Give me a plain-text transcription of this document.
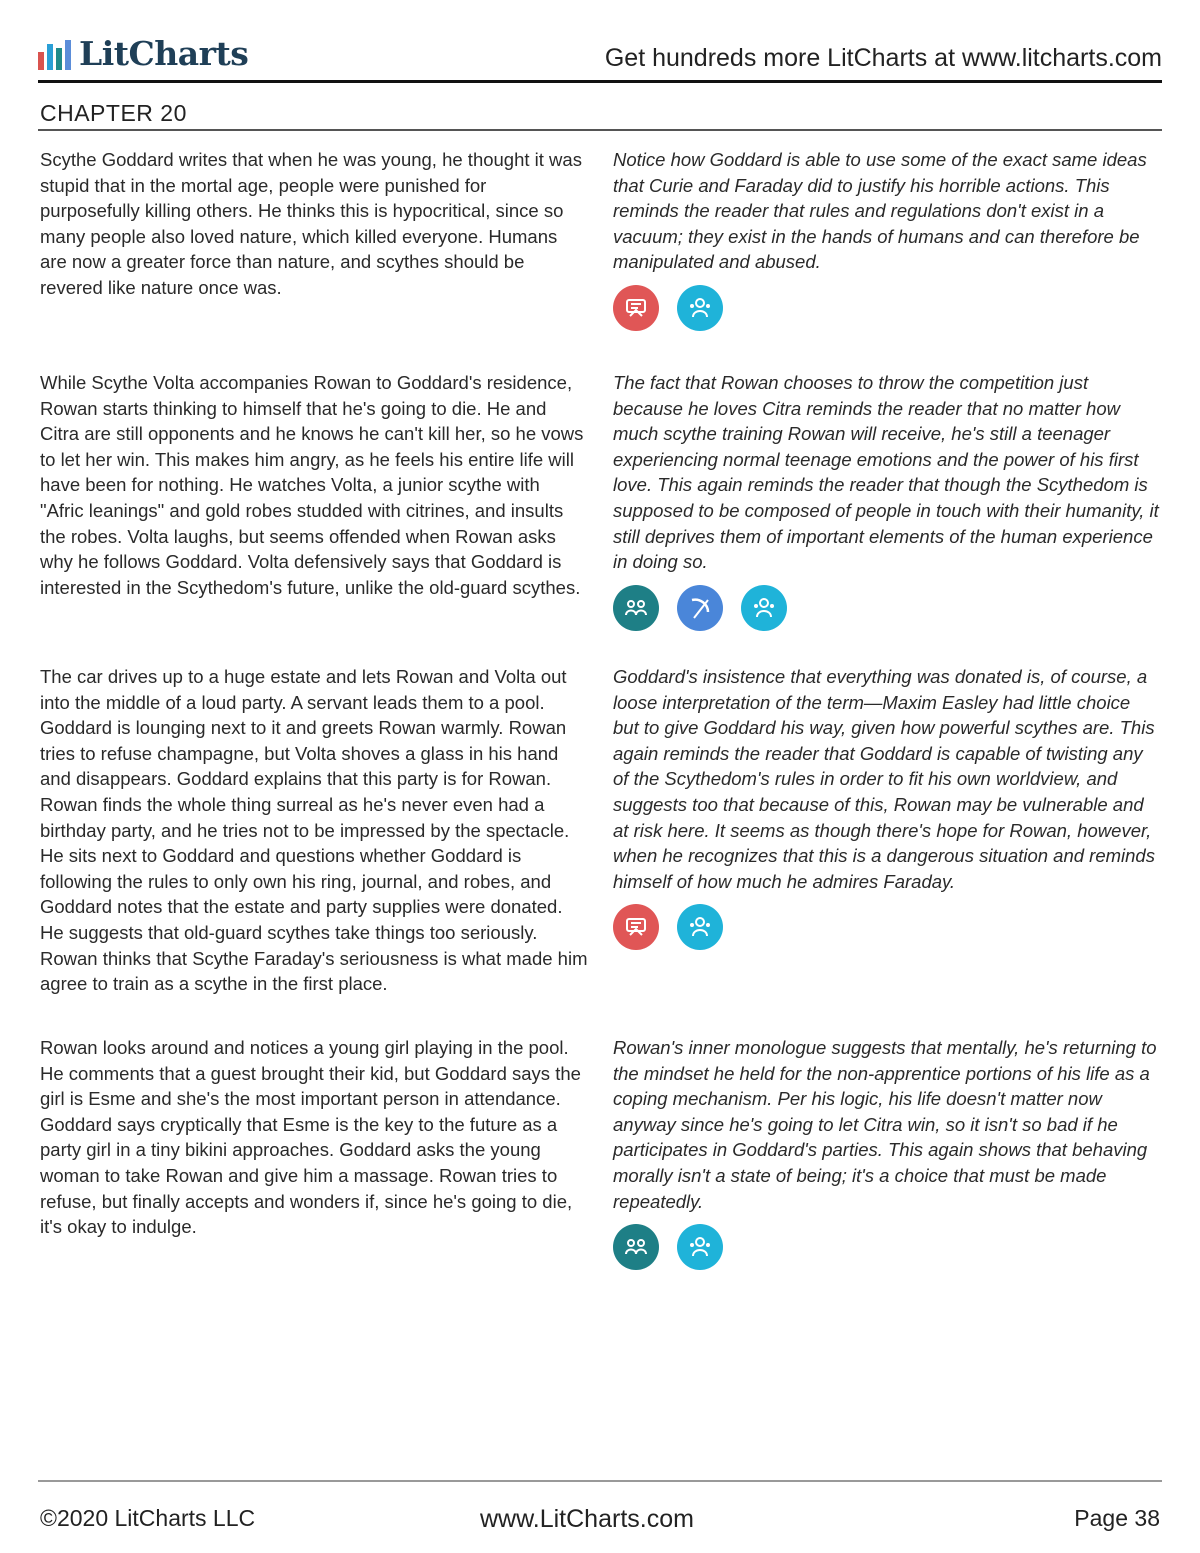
LitCharts	Get hundreds more LitCharts at www.litcharts.com
CHAPTER 20
Scythe Goddard writes that when he was young, he thought it was stupid that in the mortal age, people were punished for purposefully killing others. He thinks this is hypocritical, since so many people also loved nature, which killed everyone. Humans are now a greater force than nature, and scythes should be revered like nature once was.
Notice how Goddard is able to use some of the exact same ideas that Curie and Faraday did to justify his horrible actions. This reminds the reader that rules and regulations don't exist in a vacuum; they exist in the hands of humans and can therefore be manipulated and abused.
While Scythe Volta accompanies Rowan to Goddard's residence, Rowan starts thinking to himself that he's going to die. He and Citra are still opponents and he knows he can't kill her, so he vows to let her win. This makes him angry, as he feels his entire life will have been for nothing. He watches Volta, a junior scythe with "Afric leanings" and gold robes studded with citrines, and insults the robes. Volta laughs, but seems offended when Rowan asks why he follows Goddard. Volta defensively says that Goddard is interested in the Scythedom's future, unlike the old-guard scythes.
The fact that Rowan chooses to throw the competition just because he loves Citra reminds the reader that no matter how much scythe training Rowan will receive, he's still a teenager experiencing normal teenage emotions and the power of his first love. This again reminds the reader that though the Scythedom is supposed to be composed of people in touch with their humanity, it still deprives them of important elements of the human experience in doing so.
The car drives up to a huge estate and lets Rowan and Volta out into the middle of a loud party. A servant leads them to a pool. Goddard is lounging next to it and greets Rowan warmly. Rowan tries to refuse champagne, but Volta shoves a glass in his hand and disappears. Goddard explains that this party is for Rowan. Rowan finds the whole thing surreal as he's never even had a birthday party, and he tries not to be impressed by the spectacle. He sits next to Goddard and questions whether Goddard is following the rules to only own his ring, journal, and robes, and Goddard notes that the estate and party supplies were donated. He suggests that old-guard scythes take things too seriously. Rowan thinks that Scythe Faraday's seriousness is what made him agree to train as a scythe in the first place.
Goddard's insistence that everything was donated is, of course, a loose interpretation of the term—Maxim Easley had little choice but to give Goddard his way, given how powerful scythes are. This again reminds the reader that Goddard is capable of twisting any of the Scythedom's rules in order to fit his own worldview, and suggests too that because of this, Rowan may be vulnerable and at risk here. It seems as though there's hope for Rowan, however, when he recognizes that this is a dangerous situation and reminds himself of how much he admires Faraday.
Rowan looks around and notices a young girl playing in the pool. He comments that a guest brought their kid, but Goddard says the girl is Esme and she's the most important person in attendance. Goddard says cryptically that Esme is the key to the future as a party girl in a tiny bikini approaches. Goddard asks the young woman to take Rowan and give him a massage. Rowan tries to refuse, but finally accepts and wonders if, since he's going to die, it's okay to indulge.
Rowan's inner monologue suggests that mentally, he's returning to the mindset he held for the non-apprentice portions of his life as a coping mechanism. Per his logic, his life doesn't matter now anyway since he's going to let Citra win, so it isn't so bad if he participates in Goddard's parties. This again shows that behaving morally isn't a state of being; it's a choice that must be made repeatedly.
©2020 LitCharts LLC	www.LitCharts.com	Page 38
